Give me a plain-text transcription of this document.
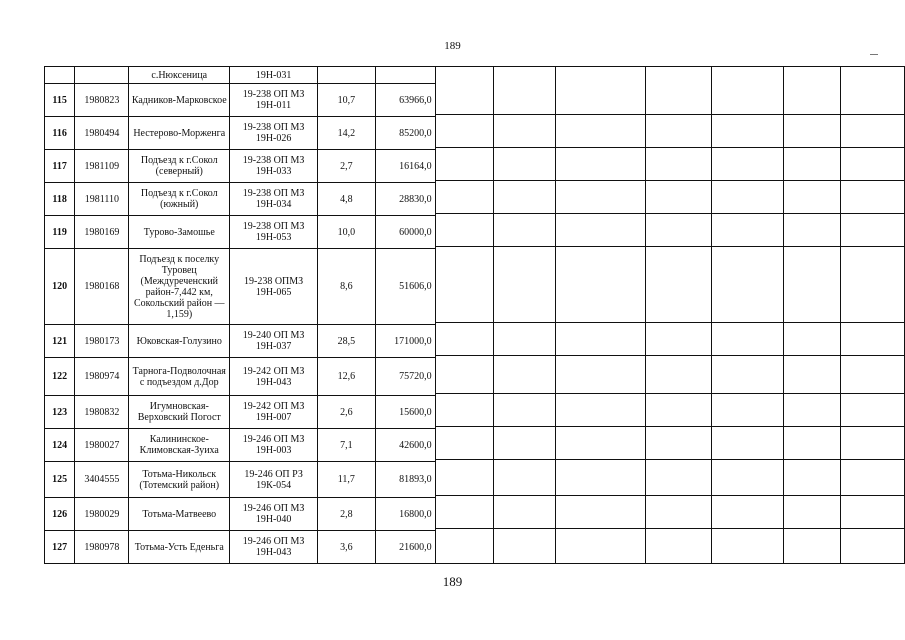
189
		с.Нюксеница	19Н-031									
115	1980823	Кадников-Марковское	19-238 ОП МЗ 19Н-011	10,7	63966,0							
116	1980494	Нестерово-Морженга	19-238 ОП МЗ 19Н-026	14,2	85200,0							
117	1981109	Подъезд к г.Сокол (северный)	19-238 ОП МЗ 19Н-033	2,7	16164,0							
118	1981110	Подъезд к г.Сокол (южный)	19-238 ОП МЗ 19Н-034	4,8	28830,0							
119	1980169	Турово-Замошье	19-238 ОП МЗ 19Н-053	10,0	60000,0							
120	1980168	Подъезд к поселку Туровец (Междуреченский район-7,442 км, Сокольский район — 1,159)	19-238 ОПМЗ 19Н-065	8,6	51606,0							
121	1980173	Юковская-Голузино	19-240 ОП МЗ 19Н-037	28,5	171000,0							
122	1980974	Тарнога-Подволочная с подъездом д.Дор	19-242 ОП МЗ 19Н-043	12,6	75720,0							
123	1980832	Игумновская-Верховский Погост	19-242 ОП МЗ 19Н-007	2,6	15600,0							
124	1980027	Калининское-Климовская-Зуиха	19-246 ОП МЗ 19Н-003	7,1	42600,0							
125	3404555	Тотьма-Никольск (Тотемский район)	19-246 ОП РЗ 19К-054	11,7	81893,0							
126	1980029	Тотьма-Матвеево	19-246 ОП МЗ 19Н-040	2,8	16800,0							
127	1980978	Тотьма-Усть Еденьга	19-246 ОП МЗ 19Н-043	3,6	21600,0							
189
